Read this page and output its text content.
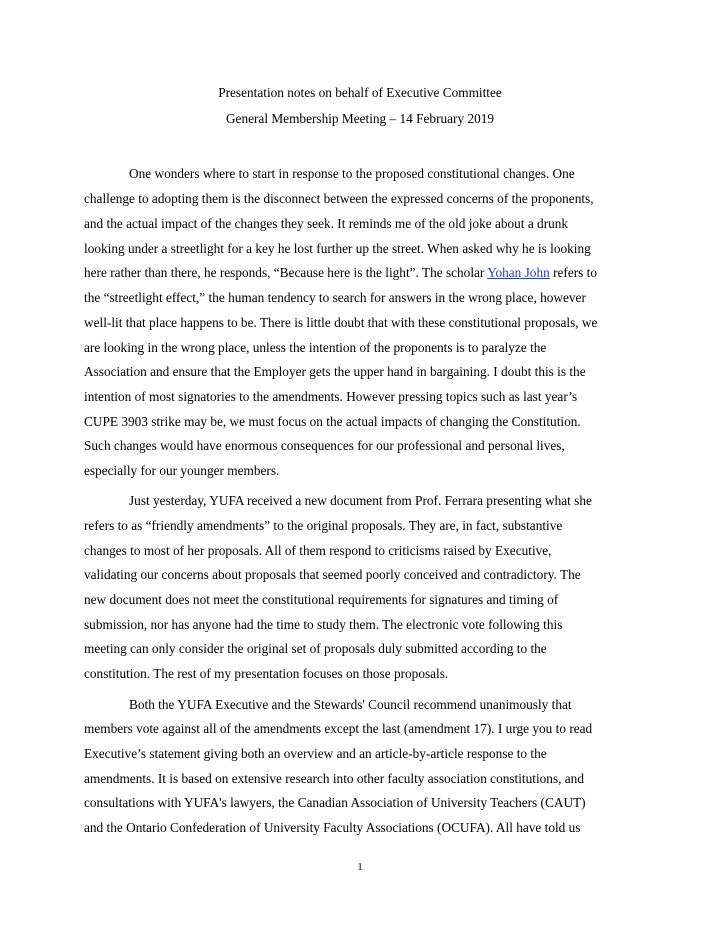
Presentation notes on behalf of Executive Committee
General Membership Meeting – 14 February 2019
One wonders where to start in response to the proposed constitutional changes. One
challenge to adopting them is the disconnect between the expressed concerns of the proponents,
and the actual impact of the changes they seek. It reminds me of the old joke about a drunk
looking under a streetlight for a key he lost further up the street. When asked why he is looking
here rather than there, he responds, “Because here is the light”. The scholar Yohan John refers to
the “streetlight effect,” the human tendency to search for answers in the wrong place, however
well-lit that place happens to be. There is little doubt that with these constitutional proposals, we
are looking in the wrong place, unless the intention of the proponents is to paralyze the
Association and ensure that the Employer gets the upper hand in bargaining. I doubt this is the
intention of most signatories to the amendments. However pressing topics such as last year’s
CUPE 3903 strike may be, we must focus on the actual impacts of changing the Constitution.
Such changes would have enormous consequences for our professional and personal lives,
especially for our younger members.
Just yesterday, YUFA received a new document from Prof. Ferrara presenting what she
refers to as “friendly amendments” to the original proposals. They are, in fact, substantive
changes to most of her proposals. All of them respond to criticisms raised by Executive,
validating our concerns about proposals that seemed poorly conceived and contradictory. The
new document does not meet the constitutional requirements for signatures and timing of
submission, nor has anyone had the time to study them. The electronic vote following this
meeting can only consider the original set of proposals duly submitted according to the
constitution. The rest of my presentation focuses on those proposals.
Both the YUFA Executive and the Stewards' Council recommend unanimously that
members vote against all of the amendments except the last (amendment 17). I urge you to read
Executive’s statement giving both an overview and an article-by-article response to the
amendments. It is based on extensive research into other faculty association constitutions, and
consultations with YUFA's lawyers, the Canadian Association of University Teachers (CAUT)
and the Ontario Confederation of University Faculty Associations (OCUFA). All have told us
1
